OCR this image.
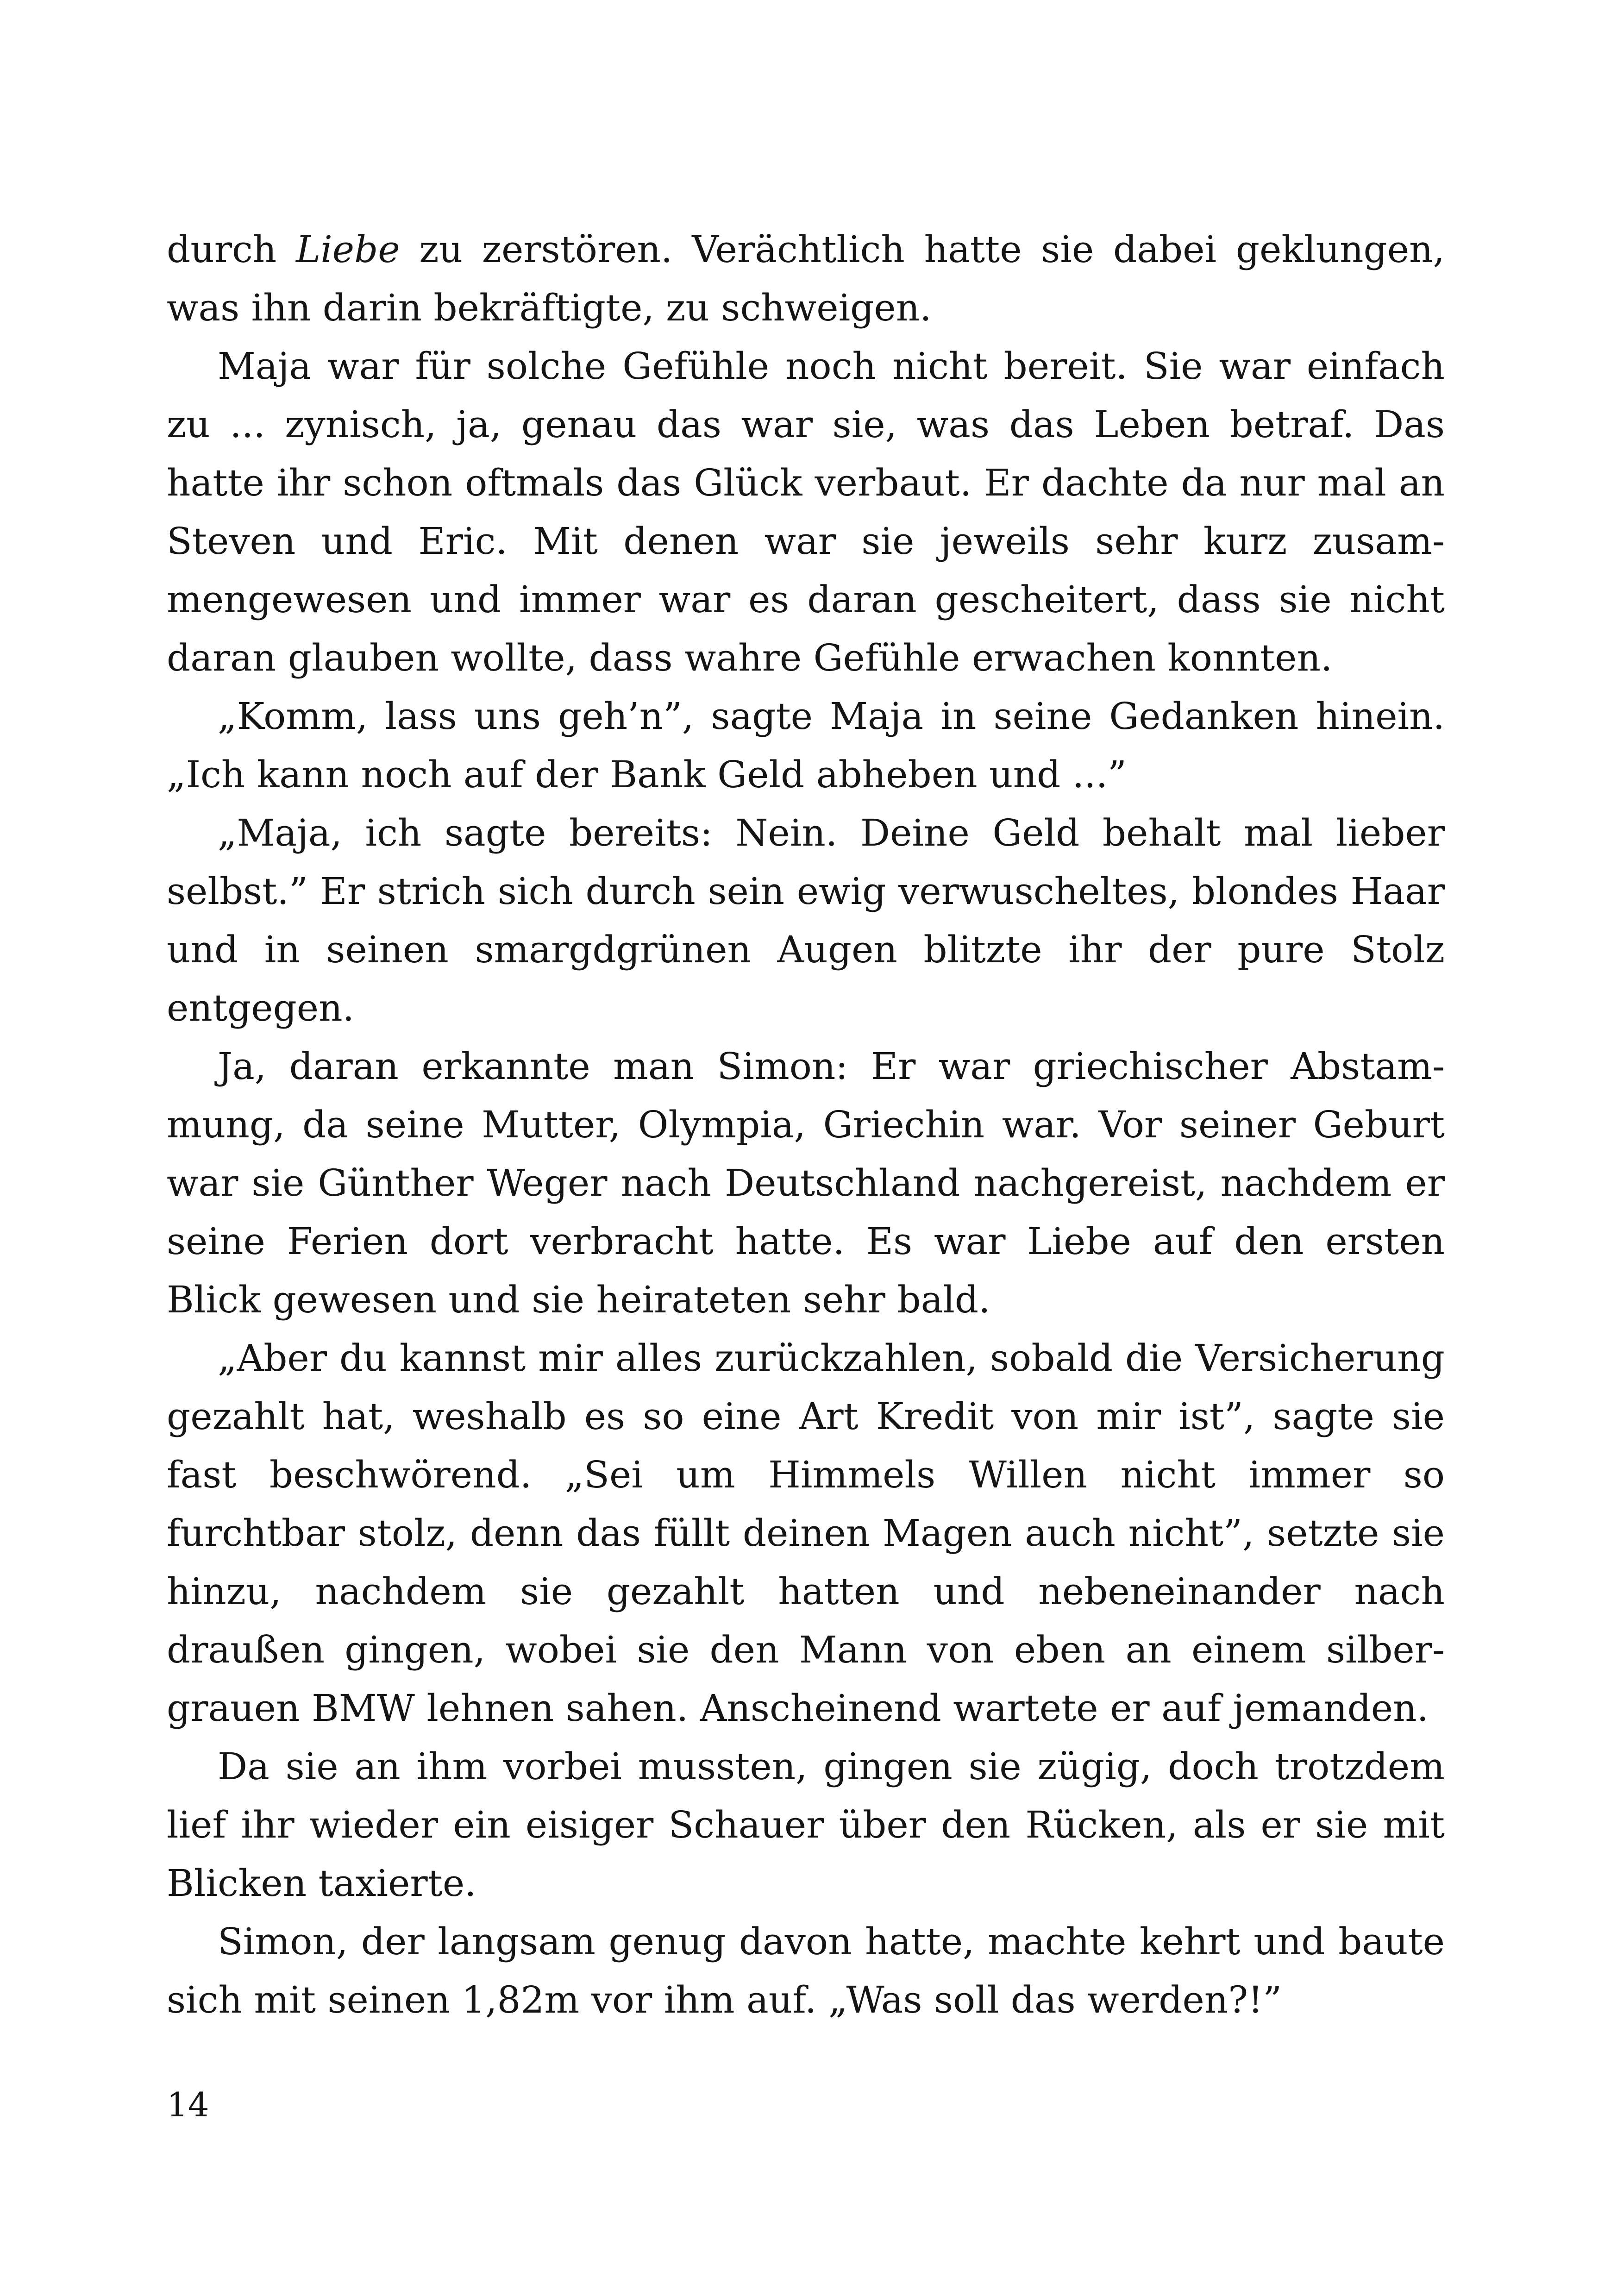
durch Liebe zu zerstören. Verächtlich hatte sie dabei geklungen, was ihn darin bekräftigte, zu schweigen.

Maja war für solche Gefühle noch nicht bereit. Sie war einfach zu ... zynisch, ja, genau das war sie, was das Leben betraf. Das hatte ihr schon oftmals das Glück verbaut. Er dachte da nur mal an Steven und Eric. Mit denen war sie jeweils sehr kurz zusammengewesen und immer war es daran gescheitert, dass sie nicht daran glauben wollte, dass wahre Gefühle erwachen konnten.

„Komm, lass uns geh’n”, sagte Maja in seine Gedanken hinein. „Ich kann noch auf der Bank Geld abheben und ...”

„Maja, ich sagte bereits: Nein. Deine Geld behalt mal lieber selbst.” Er strich sich durch sein ewig verwuscheltes, blondes Haar und in seinen smargdgrünen Augen blitzte ihr der pure Stolz entgegen.

Ja, daran erkannte man Simon: Er war griechischer Abstammung, da seine Mutter, Olympia, Griechin war. Vor seiner Geburt war sie Günther Weger nach Deutschland nachgereist, nachdem er seine Ferien dort verbracht hatte. Es war Liebe auf den ersten Blick gewesen und sie heirateten sehr bald.

„Aber du kannst mir alles zurückzahlen, sobald die Versicherung gezahlt hat, weshalb es so eine Art Kredit von mir ist”, sagte sie fast beschwörend. „Sei um Himmels Willen nicht immer so furchtbar stolz, denn das füllt deinen Magen auch nicht”, setzte sie hinzu, nachdem sie gezahlt hatten und nebeneinander nach draußen gingen, wobei sie den Mann von eben an einem silbergrauen BMW lehnen sahen. Anscheinend wartete er auf jemanden.

Da sie an ihm vorbei mussten, gingen sie zügig, doch trotzdem lief ihr wieder ein eisiger Schauer über den Rücken, als er sie mit Blicken taxierte.

Simon, der langsam genug davon hatte, machte kehrt und baute sich mit seinen 1,82m vor ihm auf. „Was soll das werden?!”

14
